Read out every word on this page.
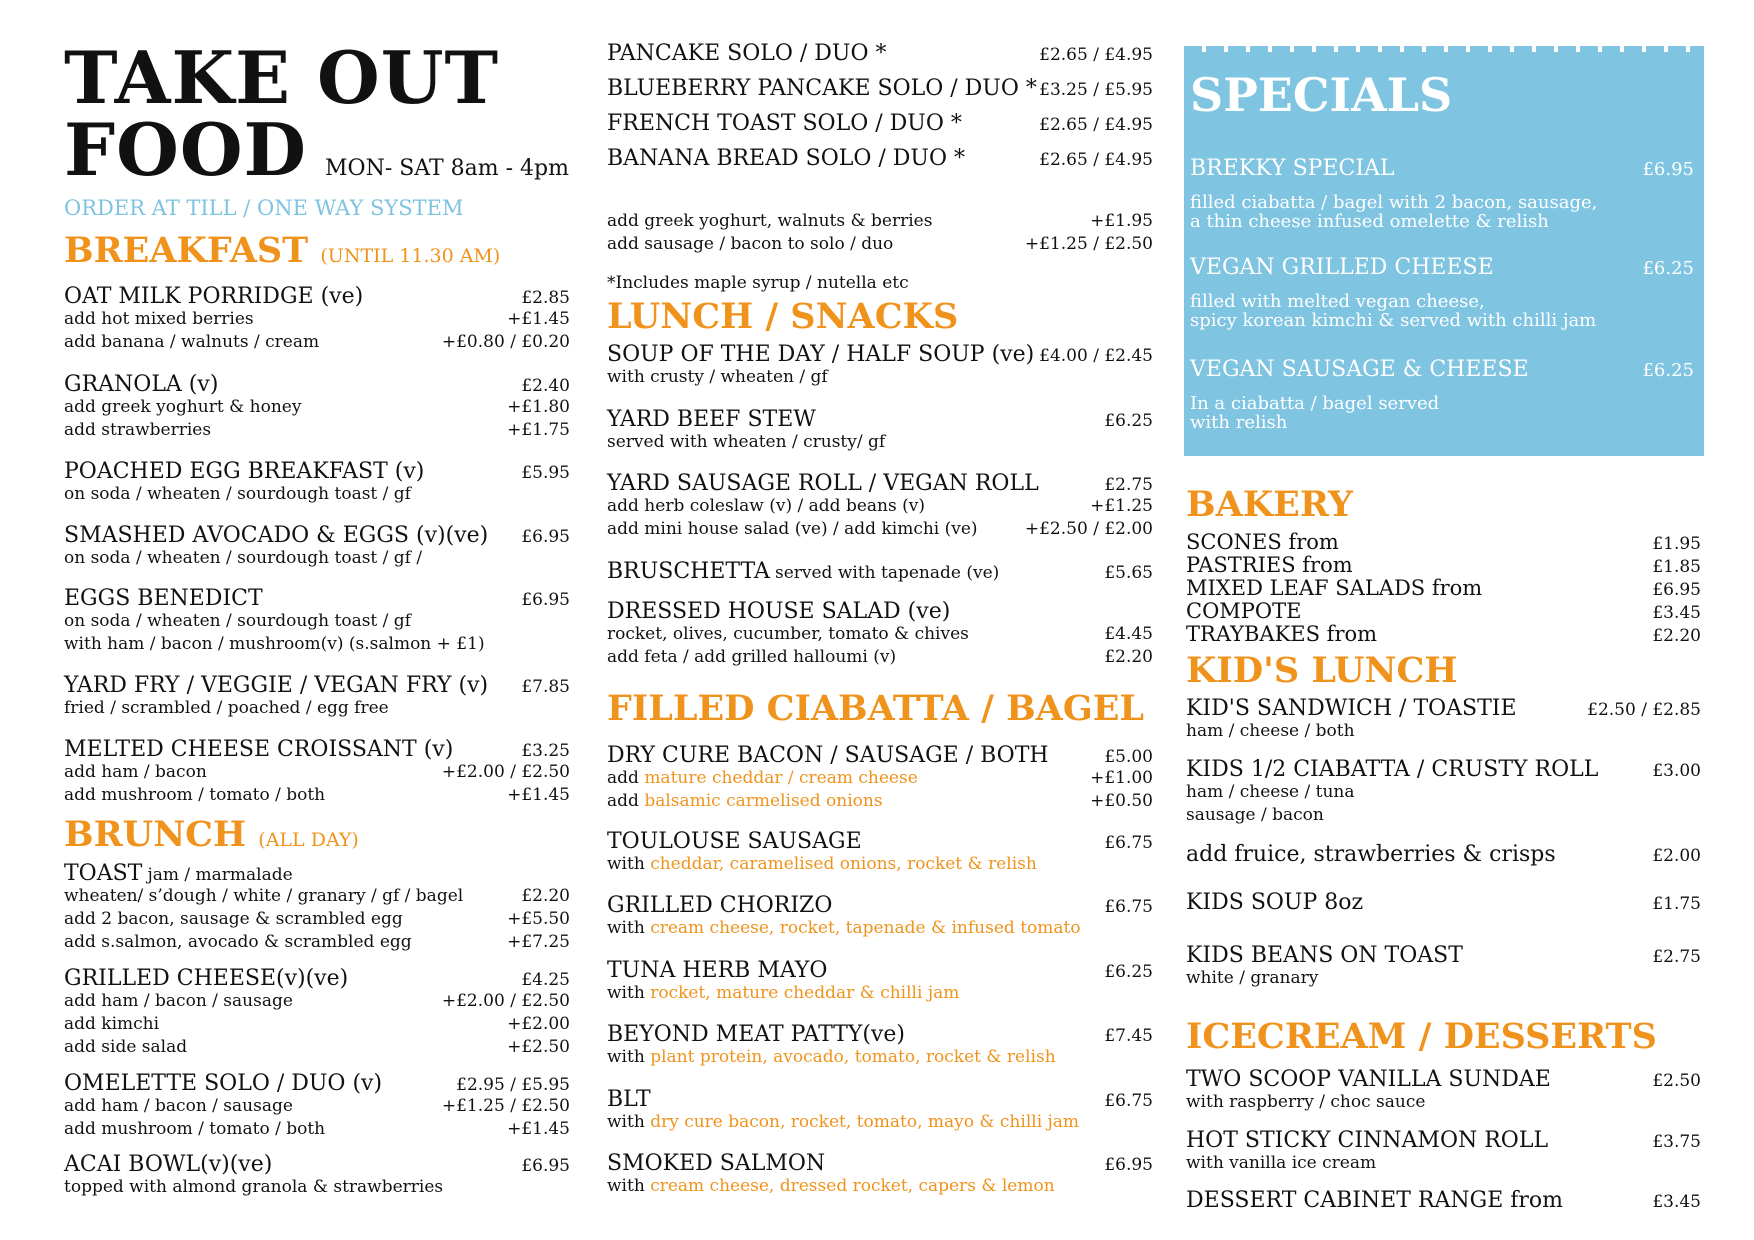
TAKE OUT
FOOD MON- SAT 8am - 4pm
ORDER AT TILL / ONE WAY SYSTEM
BREAKFAST (UNTIL 11.30 AM)
OAT MILK PORRIDGE (ve)	£2.85
add hot mixed berries	+£1.45
add banana / walnuts / cream	+£0.80 / £0.20
GRANOLA (v)	£2.40
add greek yoghurt & honey	+£1.80
add strawberries	+£1.75
POACHED EGG BREAKFAST (v)	£5.95
on soda / wheaten / sourdough toast / gf
SMASHED AVOCADO & EGGS (v)(ve) £6.95
on soda / wheaten / sourdough toast / gf /
EGGS BENEDICT	£6.95
on soda / wheaten / sourdough toast / gf
with ham / bacon / mushroom(v) (s.salmon + £1)
YARD FRY / VEGGIE / VEGAN FRY (v) £7.85
fried / scrambled / poached / egg free
MELTED CHEESE CROISSANT (v)	£3.25
add ham / bacon	+£2.00 / £2.50
add mushroom / tomato / both	+£1.45
BRUNCH (ALL DAY)
TOAST jam / marmalade
wheaten/ s’dough / white / granary / gf / bagel	£2.20
add 2 bacon, sausage & scrambled egg	+£5.50
add s.salmon, avocado & scrambled egg	+£7.25
GRILLED CHEESE(v)(ve)	£4.25
add ham / bacon / sausage	+£2.00 / £2.50
add kimchi	+£2.00
add side salad	+£2.50
OMELETTE SOLO / DUO (v)	£2.95 / £5.95
add ham / bacon / sausage	+£1.25 / £2.50
add mushroom / tomato / both	+£1.45
ACAI BOWL(v)(ve)	£6.95
topped with almond granola & strawberries
PANCAKE SOLO / DUO *	£2.65 / £4.95
BLUEBERRY PANCAKE SOLO / DUO * £3.25 / £5.95
FRENCH TOAST SOLO / DUO *	£2.65 / £4.95
BANANA BREAD SOLO / DUO *	£2.65 / £4.95
add greek yoghurt, walnuts & berries	+£1.95
add sausage / bacon to solo / duo	+£1.25 / £2.50
*Includes maple syrup / nutella etc
LUNCH / SNACKS
SOUP OF THE DAY / HALF SOUP (ve) £4.00 / £2.45
with crusty / wheaten / gf
YARD BEEF STEW	£6.25
served with wheaten / crusty/ gf
YARD SAUSAGE ROLL / VEGAN ROLL	£2.75
add herb coleslaw (v) / add beans (v)	+£1.25
add mini house salad (ve) / add kimchi (ve)	+£2.50 / £2.00
BRUSCHETTA served with tapenade (ve)	£5.65
DRESSED HOUSE SALAD (ve)
rocket, olives, cucumber, tomato & chives	£4.45
add feta / add grilled halloumi (v)	£2.20
FILLED CIABATTA / BAGEL
DRY CURE BACON / SAUSAGE / BOTH	£5.00
add mature cheddar / cream cheese	+£1.00
add balsamic carmelised onions	+£0.50
TOULOUSE SAUSAGE	£6.75
with cheddar, caramelised onions, rocket & relish
GRILLED CHORIZO	£6.75
with cream cheese, rocket, tapenade & infused tomato
TUNA HERB MAYO	£6.25
with rocket, mature cheddar & chilli jam
BEYOND MEAT PATTY(ve)	£7.45
with plant protein, avocado, tomato, rocket & relish
BLT	£6.75
with dry cure bacon, rocket, tomato, mayo & chilli jam
SMOKED SALMON	£6.95
with cream cheese, dressed rocket, capers & lemon
SPECIALS
BREKKY SPECIAL	£6.95
filled ciabatta / bagel with 2 bacon, sausage,
a thin cheese infused omelette & relish
VEGAN GRILLED CHEESE	£6.25
filled with melted vegan cheese,
spicy korean kimchi & served with chilli jam
VEGAN SAUSAGE & CHEESE	£6.25
In a ciabatta / bagel served
with relish
BAKERY
SCONES from	£1.95
PASTRIES from	£1.85
MIXED LEAF SALADS from	£6.95
COMPOTE	£3.45
TRAYBAKES from	£2.20
KID'S LUNCH
KID'S SANDWICH / TOASTIE	£2.50 / £2.85
ham / cheese / both
KIDS 1/2 CIABATTA / CRUSTY ROLL	£3.00
ham / cheese / tuna
sausage / bacon
add fruice, strawberries & crisps	£2.00
KIDS SOUP 8oz	£1.75
KIDS BEANS ON TOAST	£2.75
white / granary
ICECREAM / DESSERTS
TWO SCOOP VANILLA SUNDAE	£2.50
with raspberry / choc sauce
HOT STICKY CINNAMON ROLL	£3.75
with vanilla ice cream
DESSERT CABINET RANGE from	£3.45
